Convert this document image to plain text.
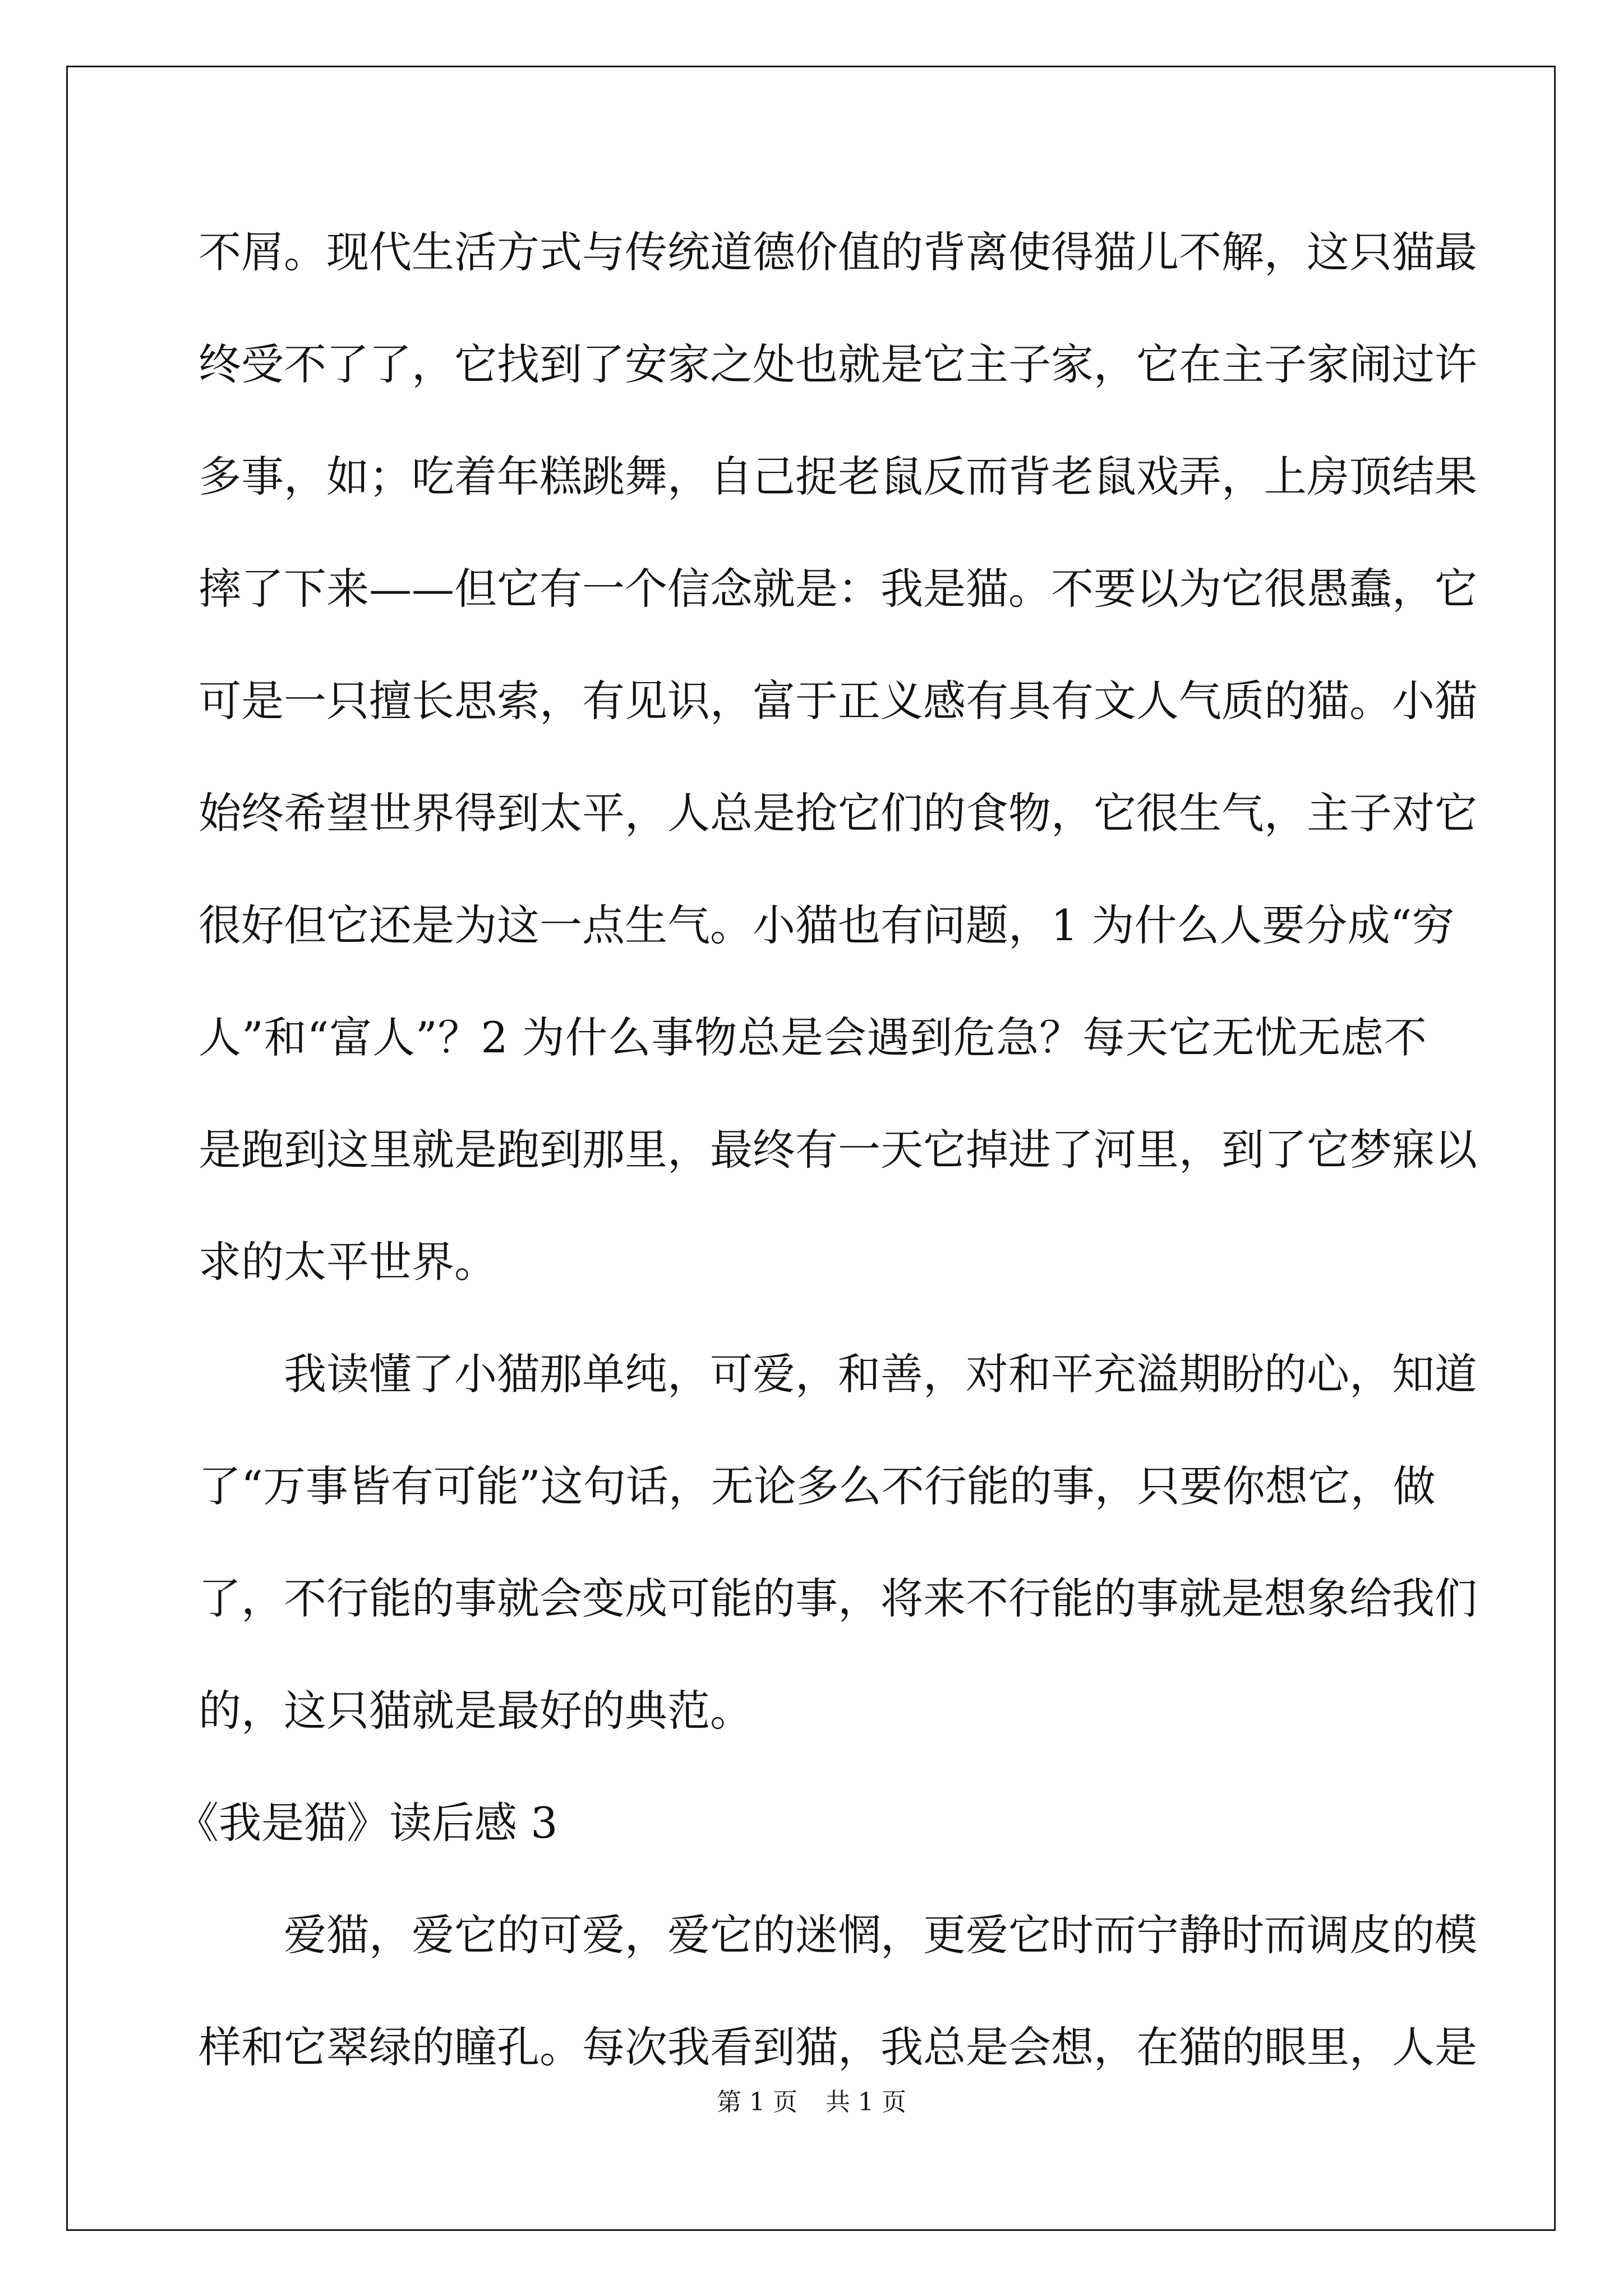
不屑。现代生活方式与传统道德价值的背离使得猫儿不解，这只猫最
终受不了了，它找到了安家之处也就是它主子家，它在主子家闹过许
多事，如；吃着年糕跳舞，自己捉老鼠反而背老鼠戏弄，上房顶结果
摔了下来——但它有一个信念就是：我是猫。不要以为它很愚蠢，它
可是一只擅长思索，有见识，富于正义感有具有文人气质的猫。小猫
始终希望世界得到太平，人总是抢它们的食物，它很生气，主子对它
很好但它还是为这一点生气。小猫也有问题，1 为什么人要分成“穷
人”和“富人”？2 为什么事物总是会遇到危急？每天它无忧无虑不
是跑到这里就是跑到那里，最终有一天它掉进了河里，到了它梦寐以
求的太平世界。
我读懂了小猫那单纯，可爱，和善，对和平充溢期盼的心，知道
了“万事皆有可能”这句话，无论多么不行能的事，只要你想它，做
了，不行能的事就会变成可能的事，将来不行能的事就是想象给我们
的，这只猫就是最好的典范。
《我是猫》读后感 3
爱猫，爱它的可爱，爱它的迷惘，更爱它时而宁静时而调皮的模
样和它翠绿的瞳孔。每次我看到猫，我总是会想，在猫的眼里，人是
第 1 页 共 1 页
